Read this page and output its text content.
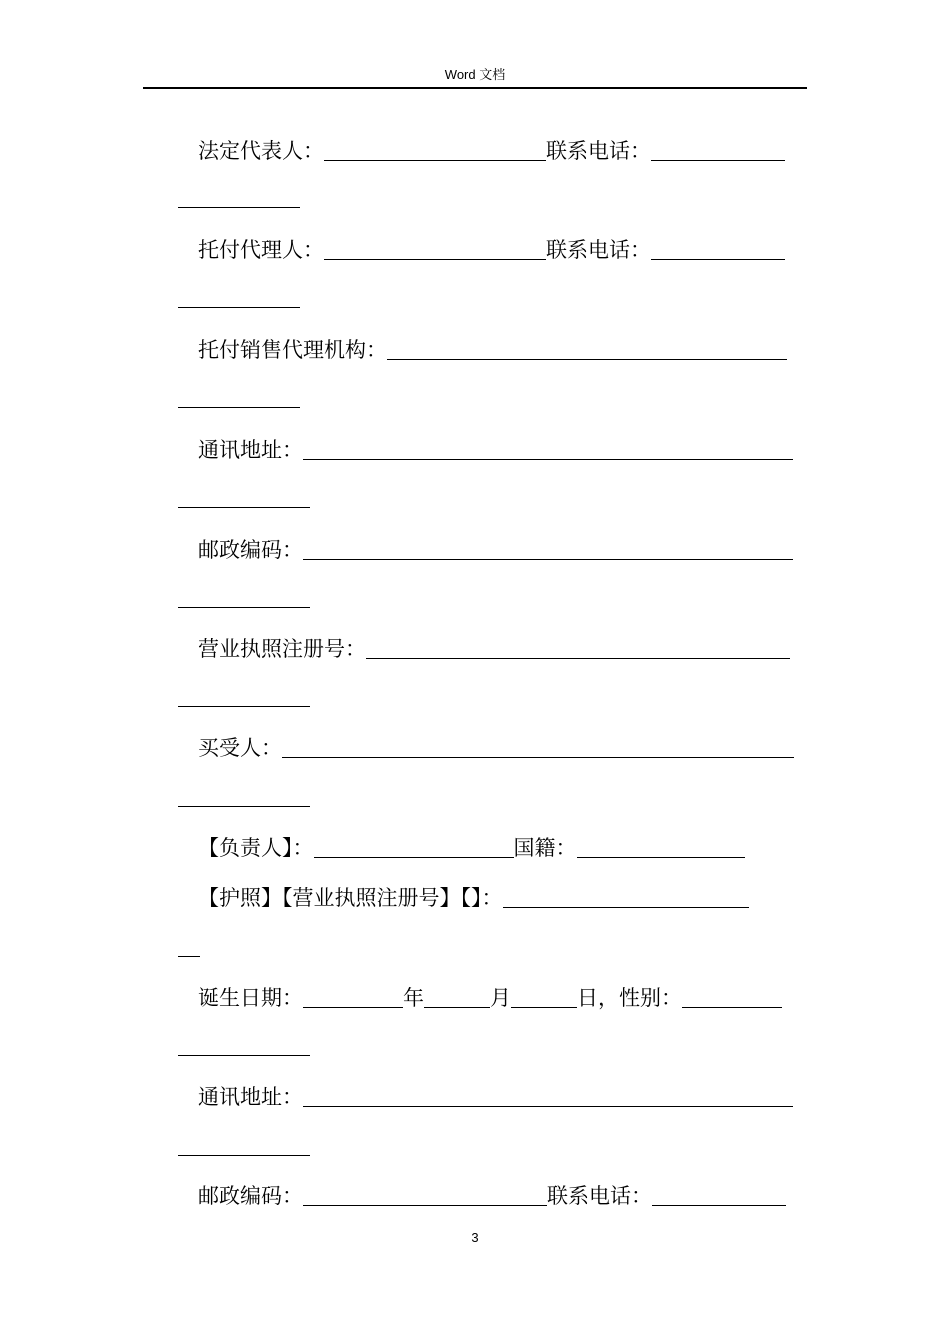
Word 文档
法定代表人：	联系电话：
托付代理人：	联系电话：
托付销售代理机构：
通讯地址：
邮政编码：
营业执照注册号：
买受人：
【负责人】：	国籍：
【护照】【营业执照注册号】【】：
诞生日期：	年	月	日，性别：
通讯地址：
邮政编码：	联系电话：
3
